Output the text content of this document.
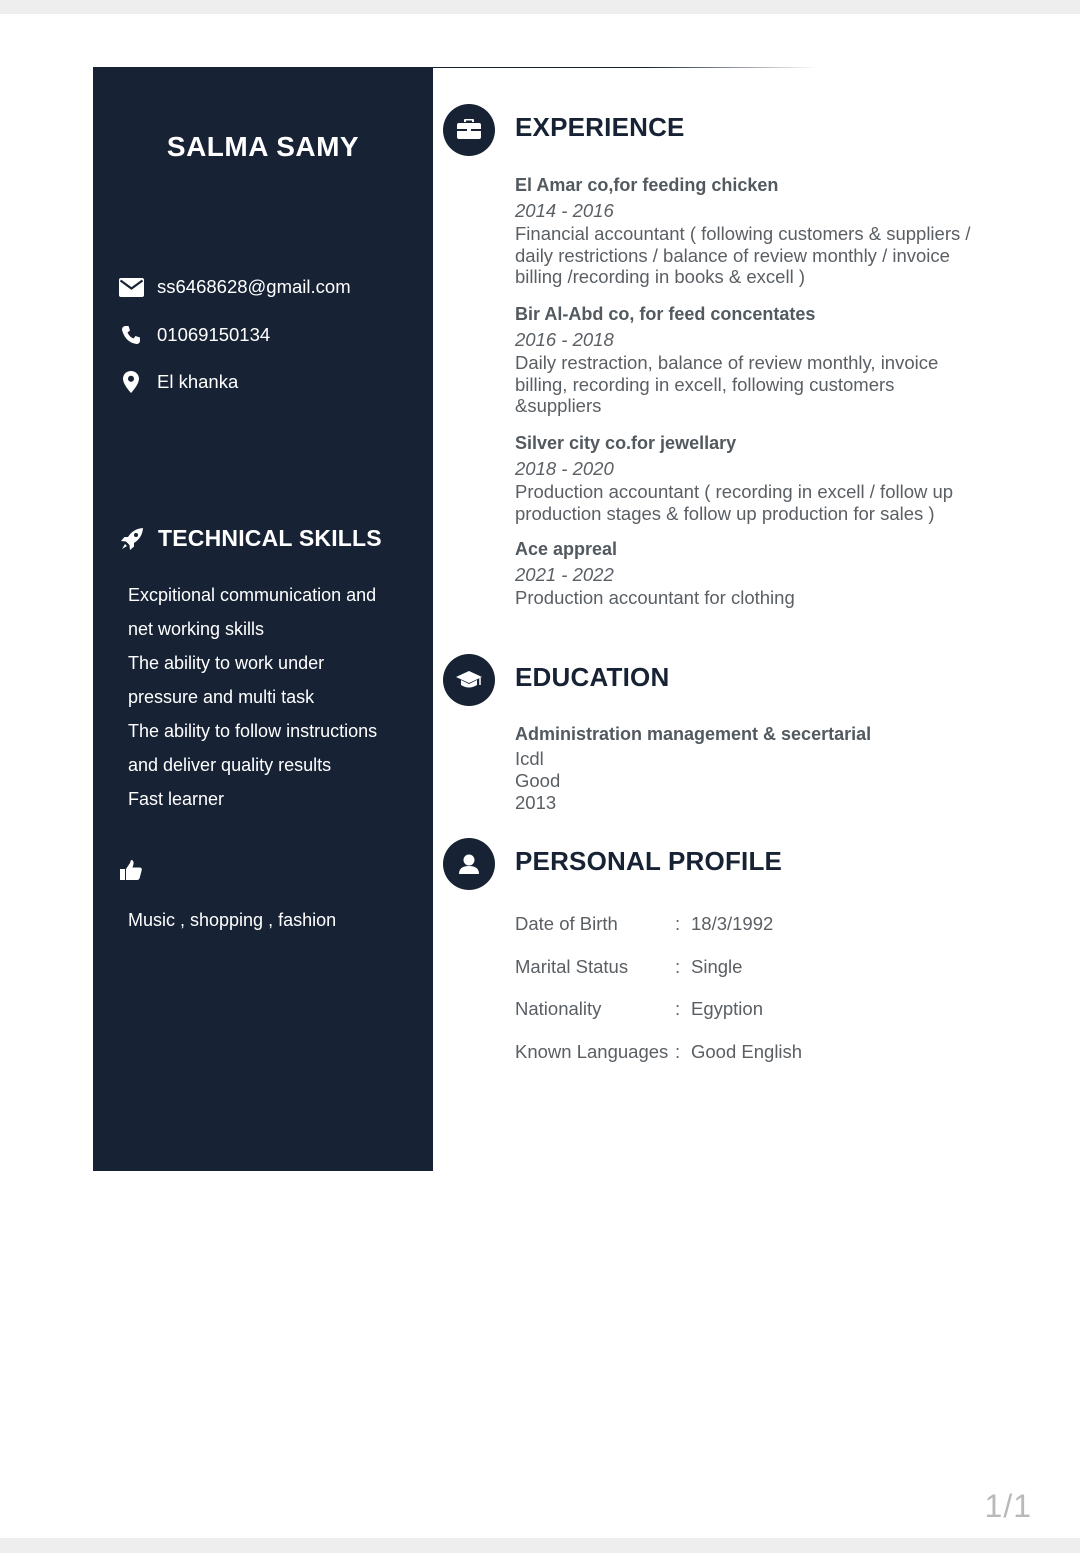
SALMA SAMY
ss6468628@gmail.com
01069150134
El khanka
TECHNICAL SKILLS
Excpitional communication and
net working skills
The ability to work under
pressure and multi task
The ability to follow instructions
and deliver quality results
Fast learner
Music , shopping , fashion
EXPERIENCE
El Amar co,for feeding chicken
2014 - 2016
Financial accountant ( following customers & suppliers /
daily restrictions / balance of review monthly / invoice
billing /recording in books & excell )
Bir Al-Abd co, for feed concentates
2016 - 2018
Daily restraction, balance of review monthly, invoice
billing, recording in excell, following customers
&suppliers
Silver city co.for jewellary
2018 - 2020
Production accountant ( recording in excell / follow up
production stages & follow up production for sales )
Ace appreal
2021 - 2022
Production accountant for clothing
EDUCATION
Administration management & secertarial
Icdl
Good
2013
PERSONAL PROFILE
Date of Birth	: 18/3/1992
Marital Status	: Single
Nationality	: Egyption
Known Languages : Good English
1/1
